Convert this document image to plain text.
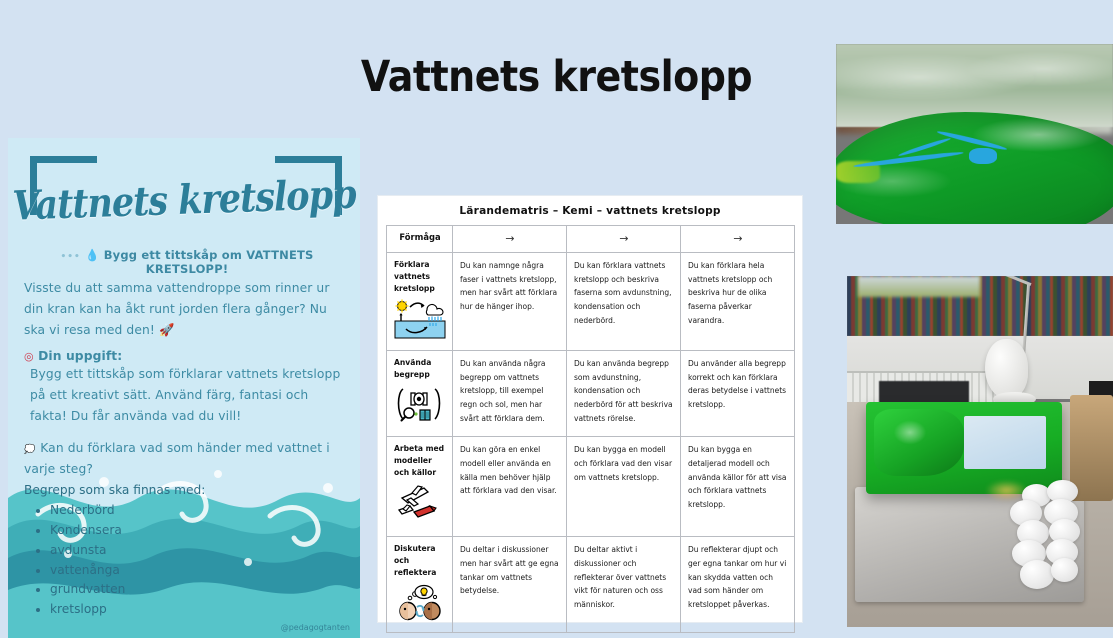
Vattnets kretslopp
Vattnets kretslopp
••• 💧 Bygg ett tittskåp om VATTNETS KRETSLOPP!
Visste du att samma vattendroppe som rinner ur din kran kan ha åkt runt jorden flera gånger? Nu ska vi resa med den! 🚀
◎ Din uppgift:
Bygg ett tittskåp som förklarar vattnets kretslopp på ett kreativt sätt. Använd färg, fantasi och fakta! Du får använda vad du vill!
💭 Kan du förklara vad som händer med vattnet i varje steg?
Begrepp som ska finnas med:
• Nederbörd
• Kondensera
• avdunsta
• vattenånga
• grundvatten
• kretslopp
@pedagogtanten
Lärandematris – Kemi – vattnets kretslopp
Förmåga	→	→	→

Förklara vattnets kretslopp	Du kan namnge några faser i vattnets kretslopp, men har svårt att förklara hur de hänger ihop.	Du kan förklara vattnets kretslopp och beskriva faserna som avdunstning, kondensation och nederbörd.	Du kan förklara hela vattnets kretslopp och beskriva hur de olika faserna påverkar varandra.

Använda begrepp	Du kan använda några begrepp om vattnets kretslopp, till exempel regn och sol, men har svårt att förklara dem.	Du kan använda begrepp som avdunstning, kondensation och nederbörd för att beskriva vattnets rörelse.	Du använder alla begrepp korrekt och kan förklara deras betydelse i vattnets kretslopp.

Arbeta med modeller och källor	Du kan göra en enkel modell eller använda en källa men behöver hjälp att förklara vad den visar.	Du kan bygga en modell och förklara vad den visar om vattnets kretslopp.	Du kan bygga en detaljerad modell och använda källor för att visa och förklara vattnets kretslopp.

Diskutera och reflektera	Du deltar i diskussioner men har svårt att ge egna tankar om vattnets betydelse.	Du deltar aktivt i diskussioner och reflekterar över vattnets vikt för naturen och oss människor.	Du reflekterar djupt och ger egna tankar om hur vi kan skydda vatten och vad som händer om kretsloppet påverkas.
